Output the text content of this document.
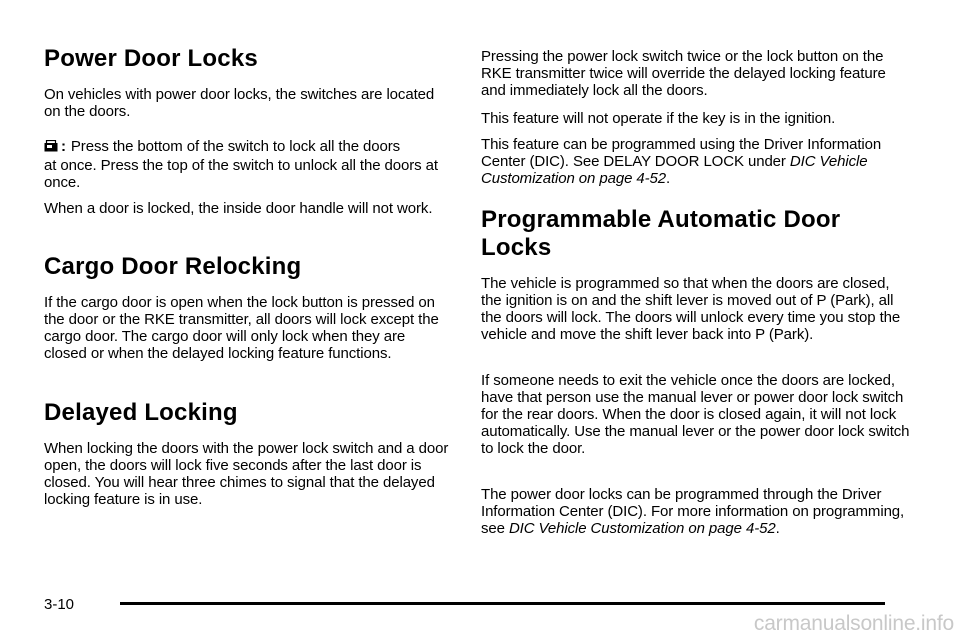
Power Door Locks

On vehicles with power door locks, the switches are located on the doors.

: Press the bottom of the switch to lock all the doors

at once. Press the top of the switch to unlock all the doors at once.

When a door is locked, the inside door handle will not work.

Cargo Door Relocking

If the cargo door is open when the lock button is pressed on the door or the RKE transmitter, all doors will lock except the cargo door. The cargo door will only lock when they are closed or when the delayed locking feature functions.

Delayed Locking

When locking the doors with the power lock switch and a door open, the doors will lock five seconds after the last door is closed. You will hear three chimes to signal that the delayed locking feature is in use.

Pressing the power lock switch twice or the lock button on the RKE transmitter twice will override the delayed locking feature and immediately lock all the doors.

This feature will not operate if the key is in the ignition.

This feature can be programmed using the Driver Information Center (DIC). See DELAY DOOR LOCK under DIC Vehicle Customization on page 4-52.

Programmable Automatic Door
Locks

The vehicle is programmed so that when the doors are closed, the ignition is on and the shift lever is moved out of P (Park), all the doors will lock. The doors will unlock every time you stop the vehicle and move the shift lever back into P (Park).

If someone needs to exit the vehicle once the doors are locked, have that person use the manual lever or power door lock switch for the rear doors. When the door is closed again, it will not lock automatically. Use the manual lever or the power door lock switch to lock the door.

The power door locks can be programmed through the Driver Information Center (DIC). For more information on programming, see DIC Vehicle Customization on page 4-52.

3-10
carmanualsonline.info
